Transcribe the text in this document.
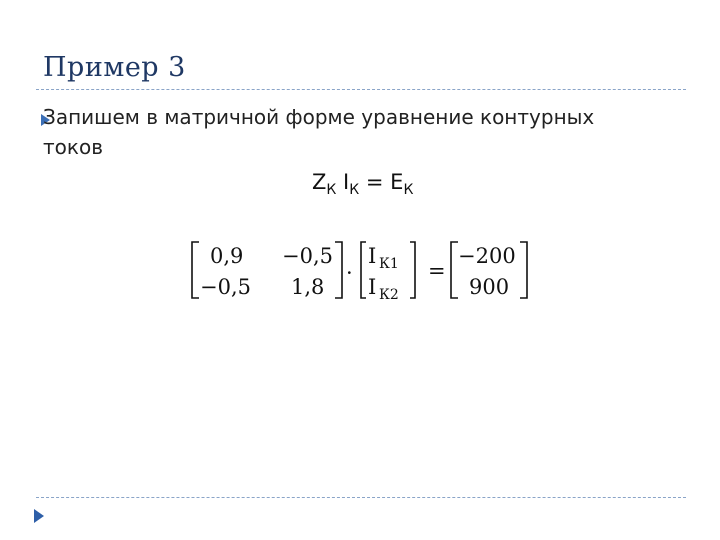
Пример 3

Запишем в матричной форме уравнение контурных токов

$Z_К$ $I_К = E_К$
0,9 −0,5
−0,5 1,8
·
I К1
I К2
=
−200
900
